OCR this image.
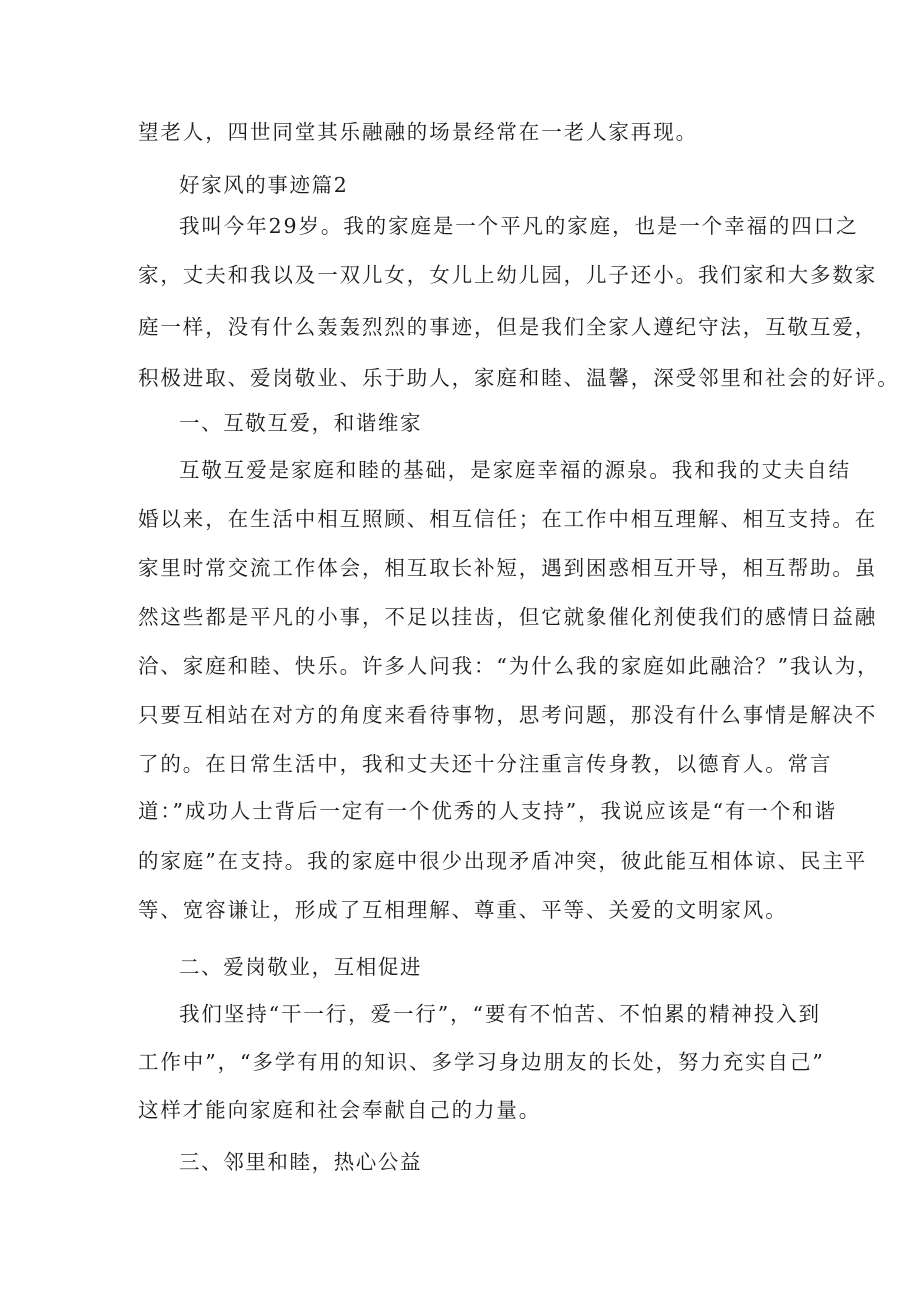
望老人，四世同堂其乐融融的场景经常在一老人家再现。
好家风的事迹篇2
我叫今年29岁。我的家庭是一个平凡的家庭，也是一个幸福的四口之
家，丈夫和我以及一双儿女，女儿上幼儿园，儿子还小。我们家和大多数家
庭一样，没有什么轰轰烈烈的事迹，但是我们全家人遵纪守法，互敬互爱，
积极进取、爱岗敬业、乐于助人，家庭和睦、温馨，深受邻里和社会的好评。
一、互敬互爱，和谐维家
互敬互爱是家庭和睦的基础，是家庭幸福的源泉。我和我的丈夫自结
婚以来，在生活中相互照顾、相互信任；在工作中相互理解、相互支持。在
家里时常交流工作体会，相互取长补短，遇到困惑相互开导，相互帮助。虽
然这些都是平凡的小事，不足以挂齿，但它就象催化剂使我们的感情日益融
洽、家庭和睦、快乐。许多人问我：“为什么我的家庭如此融洽？”我认为，
只要互相站在对方的角度来看待事物，思考问题，那没有什么事情是解决不
了的。在日常生活中，我和丈夫还十分注重言传身教，以德育人。常言
道：”成功人士背后一定有一个优秀的人支持”，我说应该是“有一个和谐
的家庭”在支持。我的家庭中很少出现矛盾冲突，彼此能互相体谅、民主平
等、宽容谦让，形成了互相理解、尊重、平等、关爱的文明家风。
二、爱岗敬业，互相促进
我们坚持“干一行，爱一行”，“要有不怕苦、不怕累的精神投入到
工作中”，“多学有用的知识、多学习身边朋友的长处，努力充实自己”
这样才能向家庭和社会奉献自己的力量。
三、邻里和睦，热心公益
